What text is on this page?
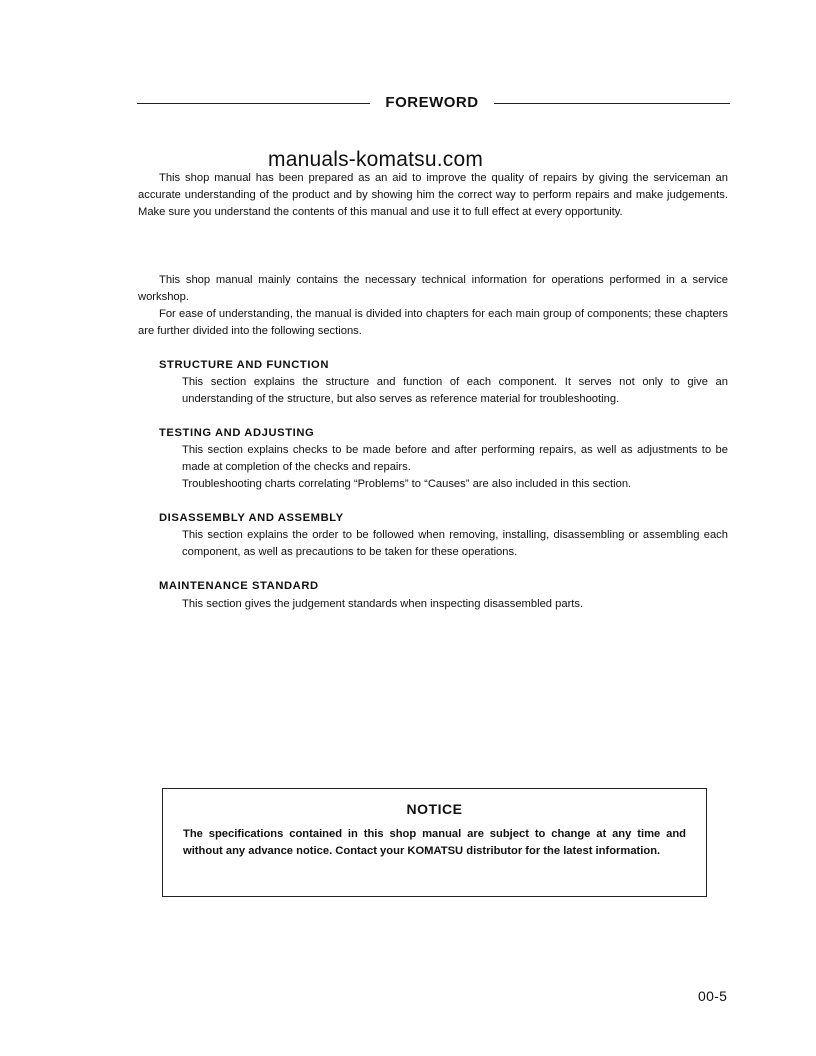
FOREWORD
manuals-komatsu.com
This shop manual has been prepared as an aid to improve the quality of repairs by giving the serviceman an accurate understanding of the product and by showing him the correct way to perform repairs and make judgements. Make sure you understand the contents of this manual and use it to full effect at every opportunity.
This shop manual mainly contains the necessary technical information for operations performed in a service workshop.
For ease of understanding, the manual is divided into chapters for each main group of components; these chapters are further divided into the following sections.
STRUCTURE AND FUNCTION
This section explains the structure and function of each component. It serves not only to give an understanding of the structure, but also serves as reference material for troubleshooting.
TESTING AND ADJUSTING
This section explains checks to be made before and after performing repairs, as well as adjustments to be made at completion of the checks and repairs.
Troubleshooting charts correlating “Problems” to “Causes” are also included in this section.
DISASSEMBLY AND ASSEMBLY
This section explains the order to be followed when removing, installing, disassembling or assembling each component, as well as precautions to be taken for these operations.
MAINTENANCE STANDARD
This section gives the judgement standards when inspecting disassembled parts.
NOTICE
The specifications contained in this shop manual are subject to change at any time and without any advance notice. Contact your KOMATSU distributor for the latest information.
00-5
